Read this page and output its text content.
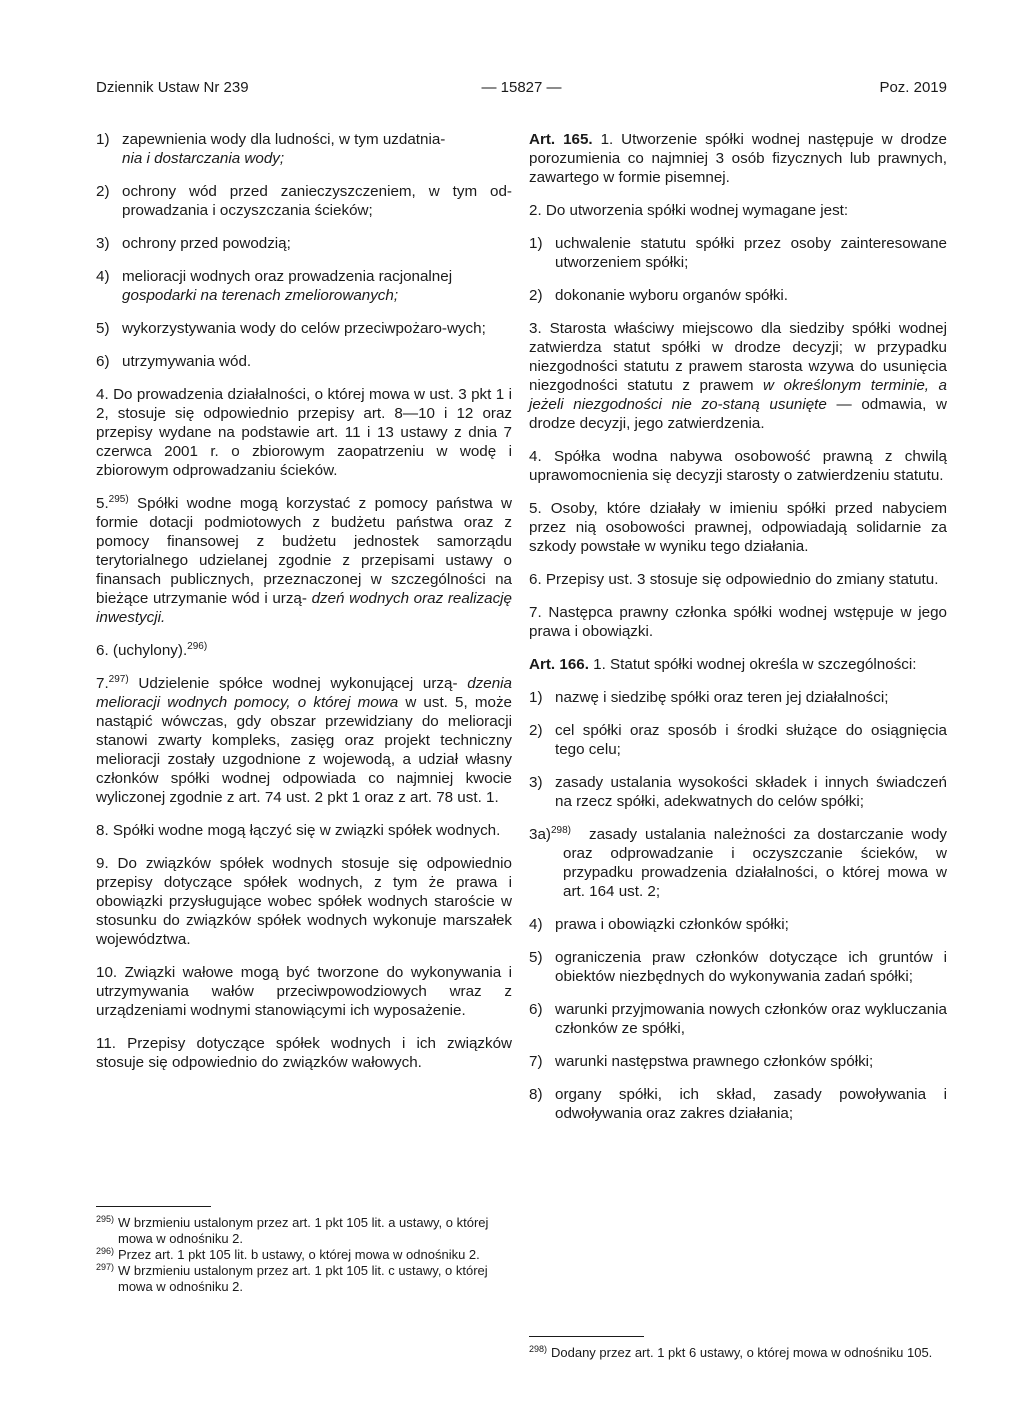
Dziennik Ustaw Nr 239	— 15827 —	Poz. 2019
1) zapewnienia wody dla ludności, w tym uzdatnia-
nia i dostarczania wody;
2) ochrony wód przed zanieczyszczeniem, w tym od-prowadzania i oczyszczania ścieków;
3) ochrony przed powodzią;
4) melioracji wodnych oraz prowadzenia racjonalnej
gospodarki na terenach zmeliorowanych;
5) wykorzystywania wody do celów przeciwpożaro-wych;
6) utrzymywania wód.

4. Do prowadzenia działalności, o której mowa w ust. 3 pkt 1 i 2, stosuje się odpowiednio przepisy art. 8—10 i 12 oraz przepisy wydane na podstawie art. 11 i 13 ustawy z dnia 7 czerwca 2001 r. o zbiorowym zaopatrzeniu w wodę i zbiorowym odprowadzaniu ścieków.

5.$^{295)}$ Spółki wodne mogą korzystać z pomocy państwa w formie dotacji podmiotowych z budżetu państwa oraz z pomocy finansowej z budżetu jednostek samorządu terytorialnego udzielanej zgodnie z przepisami ustawy o finansach publicznych, przeznaczonej w szczególności na bieżące utrzymanie wód i urzą- dzeń wodnych oraz realizację inwestycji.

6. (uchylony).$^{296)}$

7.$^{297)}$ Udzielenie spółce wodnej wykonującej urzą- dzenia melioracji wodnych pomocy, o której mowa w ust. 5, może nastąpić wówczas, gdy obszar przewidziany do melioracji stanowi zwarty kompleks, zasięg oraz projekt techniczny melioracji zostały uzgodnione z wojewodą, a udział własny członków spółki wodnej odpowiada co najmniej kwocie wyliczonej zgodnie z art. 74 ust. 2 pkt 1 oraz z art. 78 ust. 1.

8. Spółki wodne mogą łączyć się w związki spółek wodnych.

9. Do związków spółek wodnych stosuje się odpowiednio przepisy dotyczące spółek wodnych, z tym że prawa i obowiązki przysługujące wobec spółek wodnych staroście w stosunku do związków spółek wodnych wykonuje marszałek województwa.

10. Związki wałowe mogą być tworzone do wykonywania i utrzymywania wałów przeciwpowodziowych wraz z urządzeniami wodnymi stanowiącymi ich wyposażenie.

11. Przepisy dotyczące spółek wodnych i ich związków stosuje się odpowiednio do związków wałowych.

$^{295)}$ W brzmieniu ustalonym przez art. 1 pkt 105 lit. a ustawy, o której mowa w odnośniku 2.

$^{296)}$ Przez art. 1 pkt 105 lit. b ustawy, o której mowa w odnośniku 2.

$^{297)}$ W brzmieniu ustalonym przez art. 1 pkt 105 lit. c ustawy, o której mowa w odnośniku 2.

Art. 165. 1. Utworzenie spółki wodnej następuje w drodze porozumienia co najmniej 3 osób fizycznych lub prawnych, zawartego w formie pisemnej.

2. Do utworzenia spółki wodnej wymagane jest:

1) uchwalenie statutu spółki przez osoby zainteresowane utworzeniem spółki;
2) dokonanie wyboru organów spółki.

3. Starosta właściwy miejscowo dla siedziby spółki wodnej zatwierdza statut spółki w drodze decyzji; w przypadku niezgodności statutu z prawem starosta wzywa do usunięcia niezgodności statutu z prawem w określonym terminie, a jeżeli niezgodności nie zo-staną usunięte — odmawia, w drodze decyzji, jego zatwierdzenia.

4. Spółka wodna nabywa osobowość prawną z chwilą uprawomocnienia się decyzji starosty o zatwierdzeniu statutu.

5. Osoby, które działały w imieniu spółki przed nabyciem przez nią osobowości prawnej, odpowiadają solidarnie za szkody powstałe w wyniku tego działania.

6. Przepisy ust. 3 stosuje się odpowiednio do zmiany statutu.

7. Następca prawny członka spółki wodnej wstępuje w jego prawa i obowiązki.

Art. 166. 1. Statut spółki wodnej określa w szczególności:

1) nazwę i siedzibę spółki oraz teren jej działalności;
2) cel spółki oraz sposób i środki służące do osiągnięcia tego celu;
3) zasady ustalania wysokości składek i innych świadczeń na rzecz spółki, adekwatnych do celów spółki;
3a)$^{298)}$ zasady ustalania należności za dostarczanie wody oraz odprowadzanie i oczyszczanie ścieków, w przypadku prowadzenia działalności, o której mowa w art. 164 ust. 2;
4) prawa i obowiązki członków spółki;
5) ograniczenia praw członków dotyczące ich gruntów i obiektów niezbędnych do wykonywania zadań spółki;
6) warunki przyjmowania nowych członków oraz wykluczania członków ze spółki,
7) warunki następstwa prawnego członków spółki;
8) organy spółki, ich skład, zasady powoływania i odwoływania oraz zakres działania;

$^{298)}$ Dodany przez art. 1 pkt 6 ustawy, o której mowa w odnośniku 105.
